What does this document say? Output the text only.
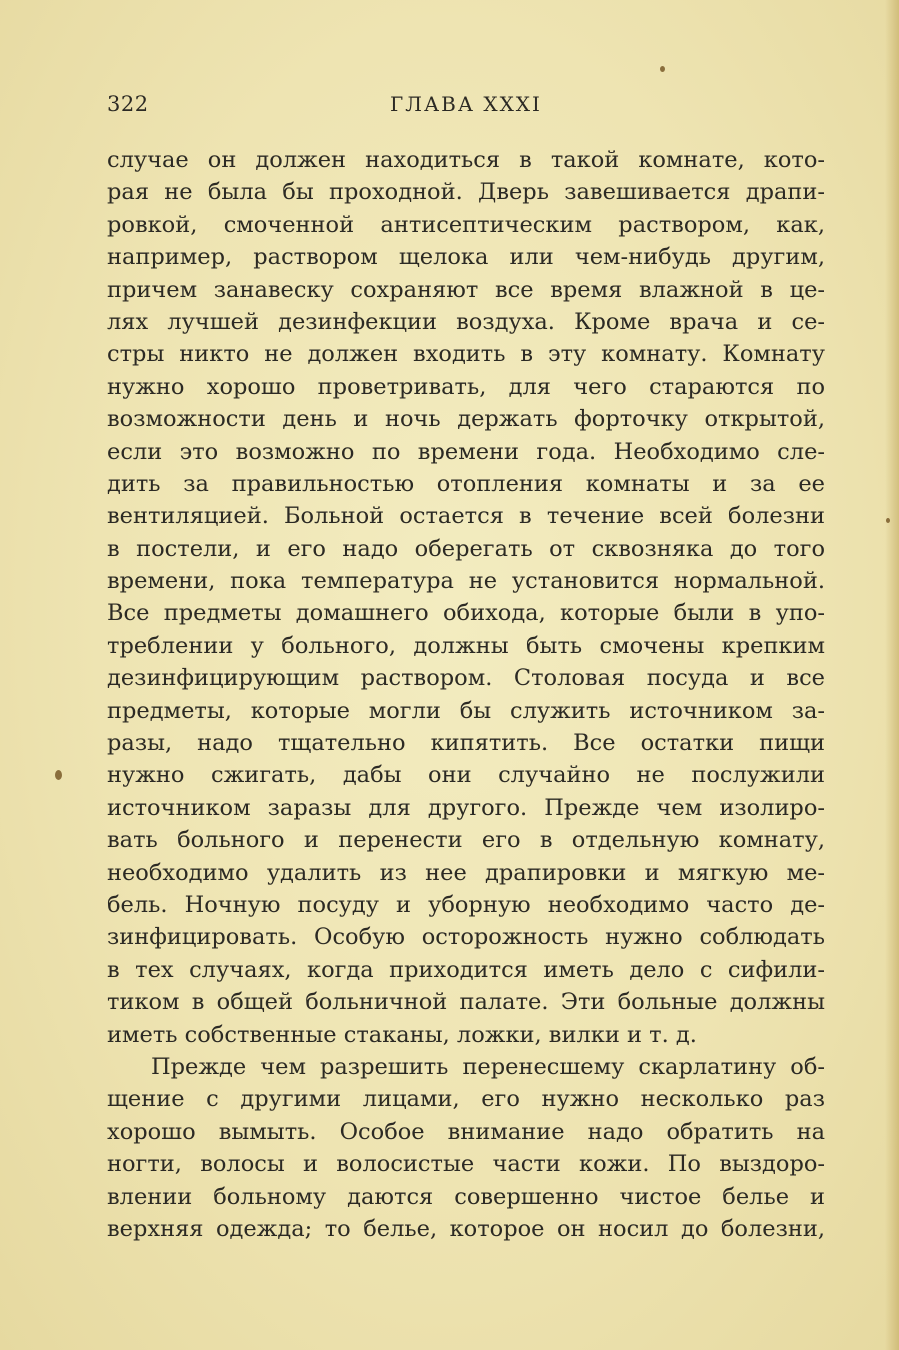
322	ГЛАВА XXXI
случае он должен находиться в такой комнате, кото-
рая не была бы проходной. Дверь завешивается драпи-
ровкой, смоченной антисептическим раствором, как,
например, раствором щелока или чем-нибудь другим,
причем занавеску сохраняют все время влажной в це-
лях лучшей дезинфекции воздуха. Кроме врача и се-
стры никто не должен входить в эту комнату. Комнату
нужно хорошо проветривать, для чего стараются по
возможности день и ночь держать форточку открытой,
если это возможно по времени года. Необходимо сле-
дить за правильностью отопления комнаты и за ее
вентиляцией. Больной остается в течение всей болезни
в постели, и его надо оберегать от сквозняка до того
времени, пока температура не установится нормальной.
Все предметы домашнего обихода, которые были в упо-
треблении у больного, должны быть смочены крепким
дезинфицирующим раствором. Столовая посуда и все
предметы, которые могли бы служить источником за-
разы, надо тщательно кипятить. Все остатки пищи
нужно сжигать, дабы они случайно не послужили
источником заразы для другого. Прежде чем изолиро-
вать больного и перенести его в отдельную комнату,
необходимо удалить из нее драпировки и мягкую ме-
бель. Ночную посуду и уборную необходимо часто де-
зинфицировать. Особую осторожность нужно соблюдать
в тех случаях, когда приходится иметь дело с сифили-
тиком в общей больничной палате. Эти больные должны
иметь собственные стаканы, ложки, вилки и т. д.
Прежде чем разрешить перенесшему скарлатину об-
щение с другими лицами, его нужно несколько раз
хорошо вымыть. Особое внимание надо обратить на
ногти, волосы и волосистые части кожи. По выздоро-
влении больному даются совершенно чистое белье и
верхняя одежда; то белье, которое он носил до болезни,
